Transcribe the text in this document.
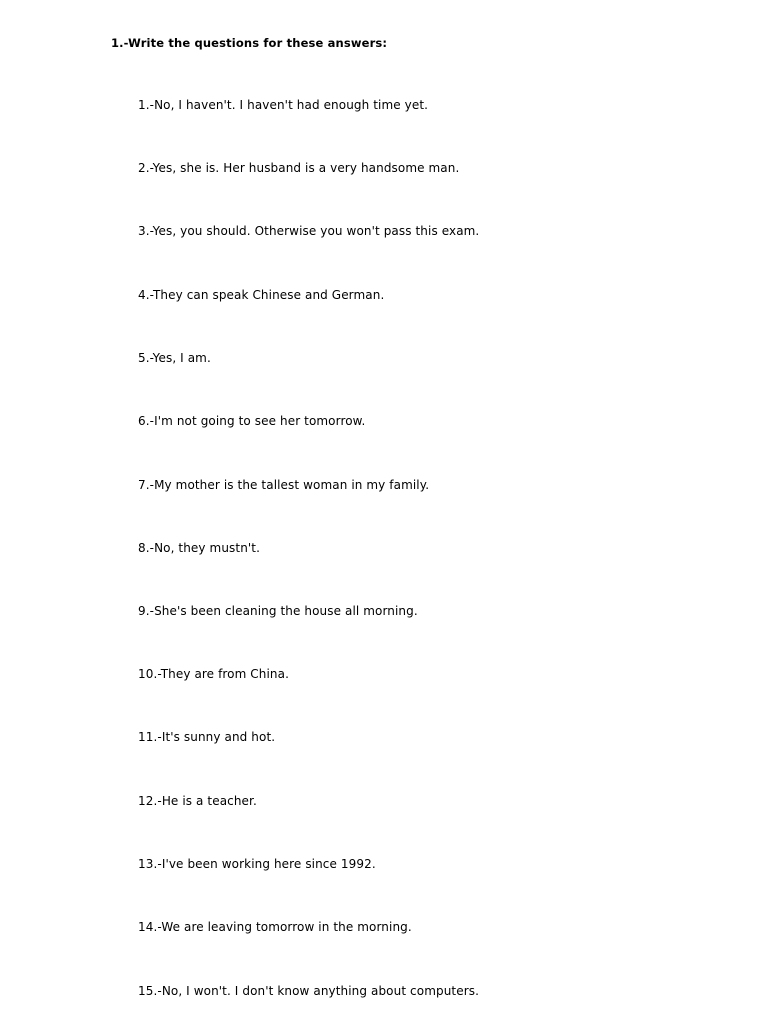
1.-Write the questions for these answers:
1.-No, I haven't. I haven't had enough time yet.
2.-Yes, she is. Her husband is a very handsome man.
3.-Yes, you should. Otherwise you won't pass this exam.
4.-They can speak Chinese and German.
5.-Yes, I am.
6.-I'm not going to see her tomorrow.
7.-My mother is the tallest woman in my family.
8.-No, they mustn't.
9.-She's been cleaning the house all morning.
10.-They are from China.
11.-It's sunny and hot.
12.-He is a teacher.
13.-I've been working here since 1992.
14.-We are leaving tomorrow in the morning.
15.-No, I won't. I don't know anything about computers.
